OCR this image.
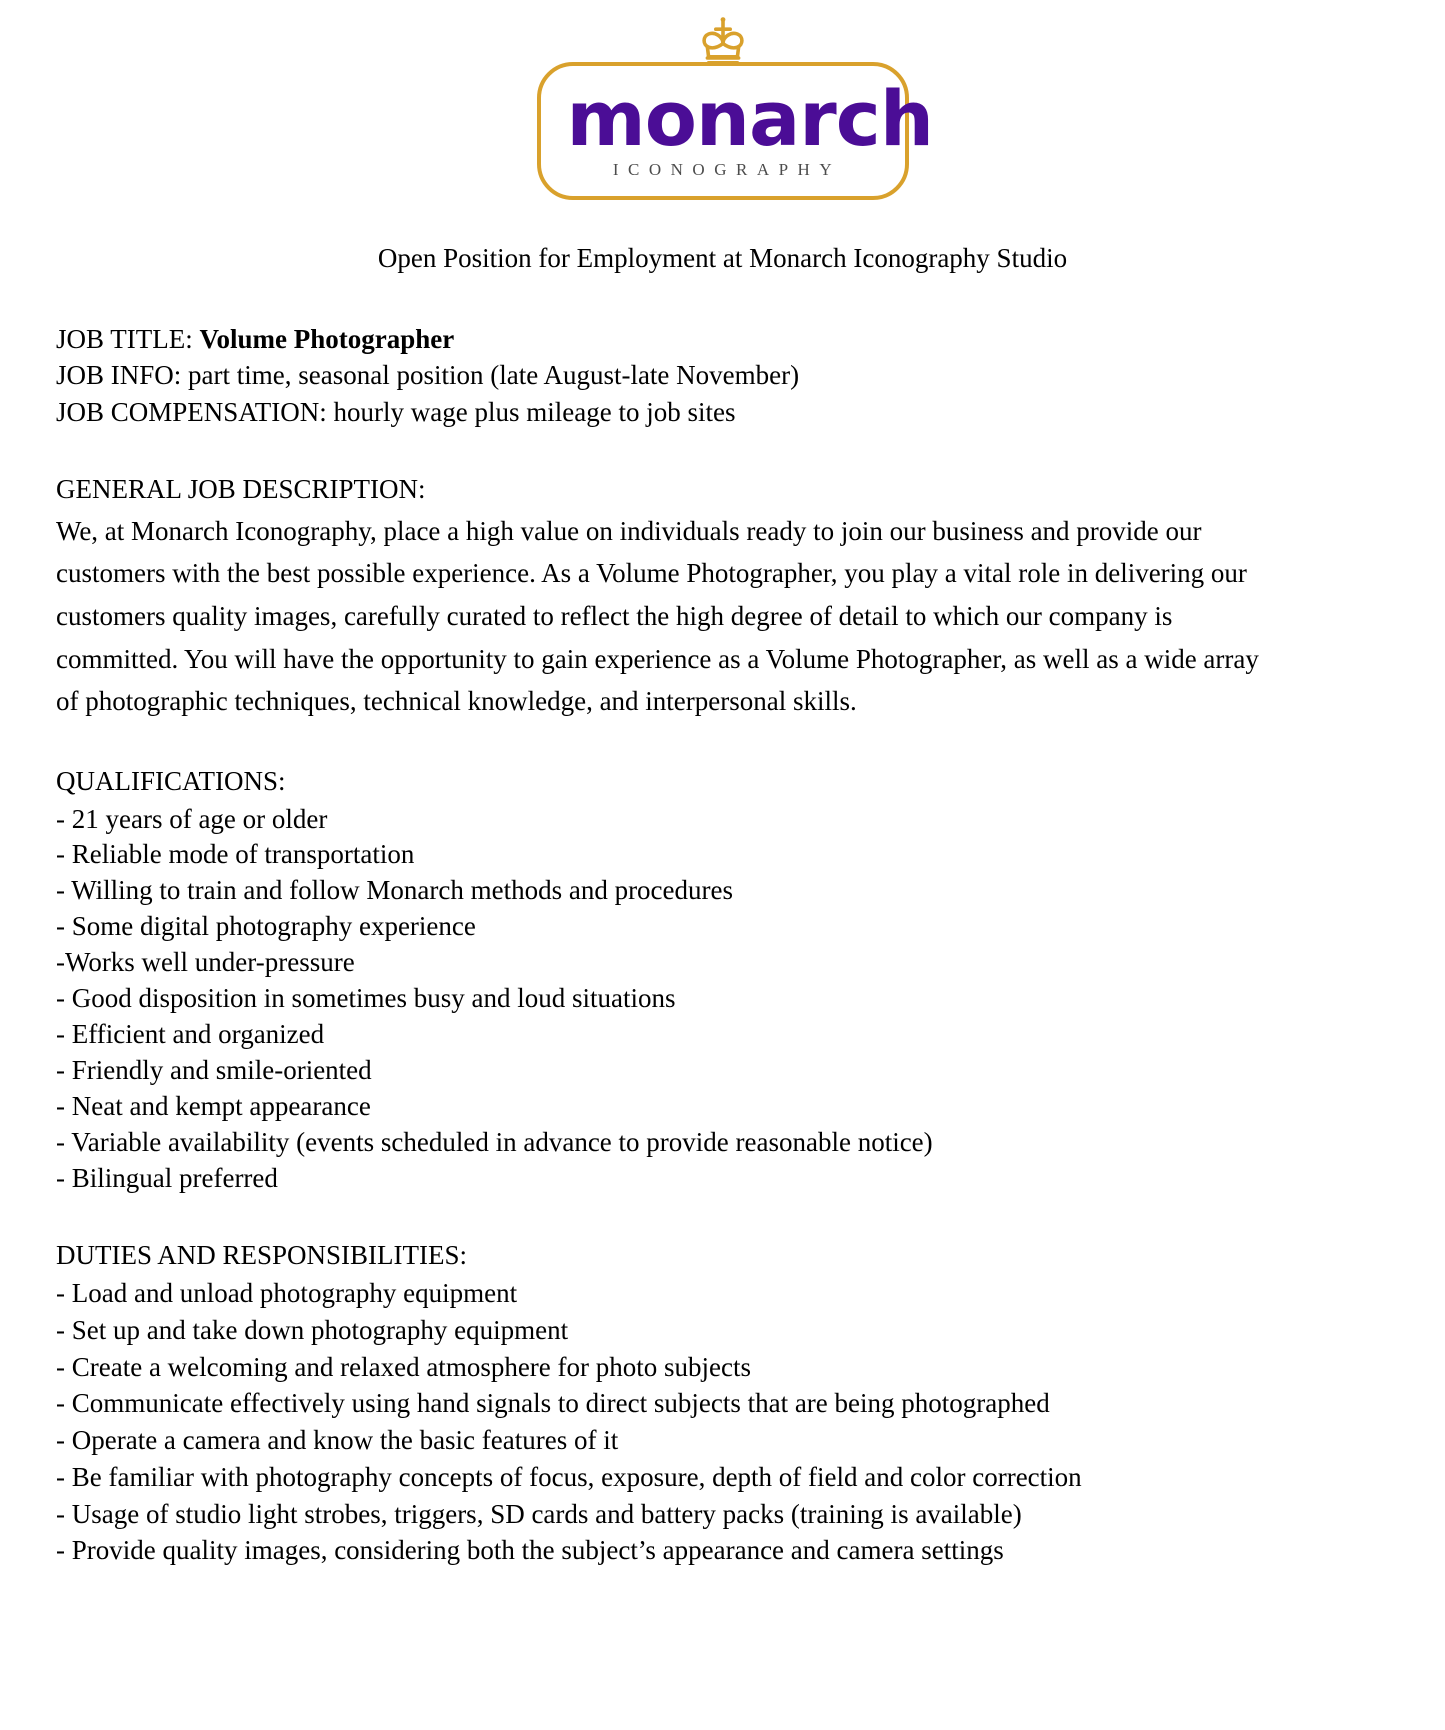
monarch
ICONOGRAPHY
Open Position for Employment at Monarch Iconography Studio
JOB TITLE: Volume Photographer
JOB INFO: part time, seasonal position (late August-late November)
JOB COMPENSATION: hourly wage plus mileage to job sites
GENERAL JOB DESCRIPTION:
We, at Monarch Iconography, place a high value on individuals ready to join our business and provide our customers with the best possible experience. As a Volume Photographer, you play a vital role in delivering our customers quality images, carefully curated to reflect the high degree of detail to which our company is committed. You will have the opportunity to gain experience as a Volume Photographer, as well as a wide array of photographic techniques, technical knowledge, and interpersonal skills.
QUALIFICATIONS:
- 21 years of age or older
- Reliable mode of transportation
- Willing to train and follow Monarch methods and procedures
- Some digital photography experience
-Works well under-pressure
- Good disposition in sometimes busy and loud situations
- Efficient and organized
- Friendly and smile-oriented
- Neat and kempt appearance
- Variable availability (events scheduled in advance to provide reasonable notice)
- Bilingual preferred
DUTIES AND RESPONSIBILITIES:
- Load and unload photography equipment
- Set up and take down photography equipment
- Create a welcoming and relaxed atmosphere for photo subjects
- Communicate effectively using hand signals to direct subjects that are being photographed
- Operate a camera and know the basic features of it
- Be familiar with photography concepts of focus, exposure, depth of field and color correction
- Usage of studio light strobes, triggers, SD cards and battery packs (training is available)
- Provide quality images, considering both the subject’s appearance and camera settings
